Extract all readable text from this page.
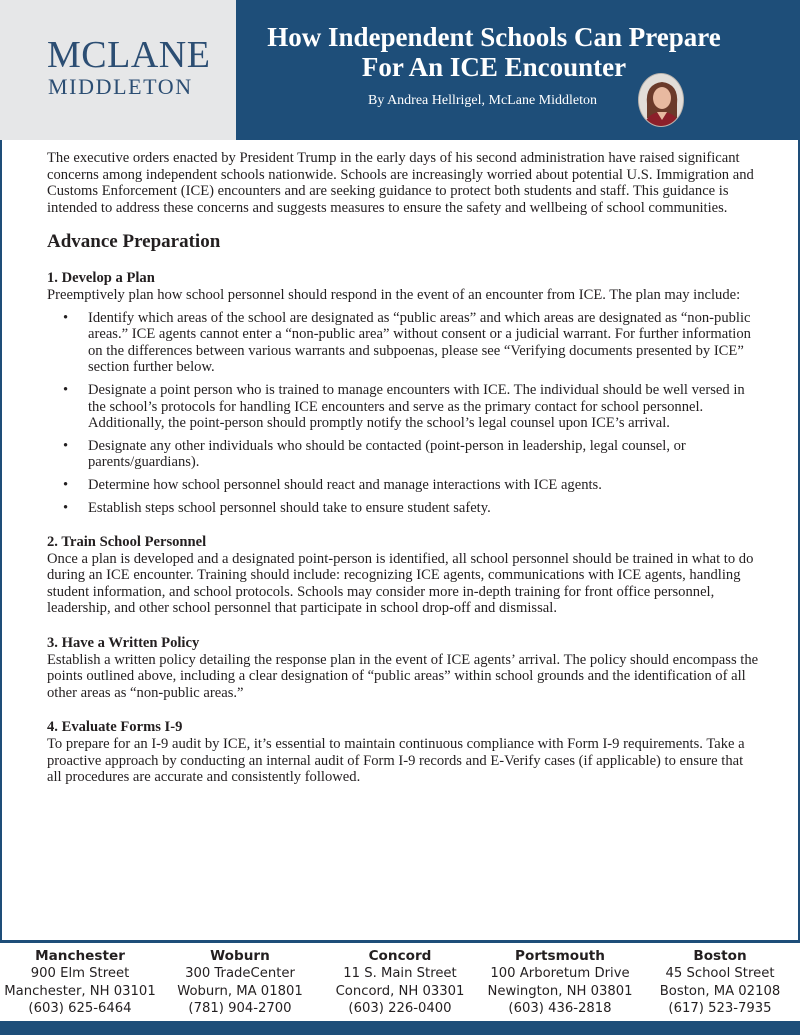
MCLANE
MIDDLETON
How Independent Schools Can Prepare
For An ICE Encounter
By Andrea Hellrigel, McLane Middleton

The executive orders enacted by President Trump in the early days of his second administration have raised significant concerns among independent schools nationwide. Schools are increasingly worried about potential U.S. Immigration and Customs Enforcement (ICE) encounters and are seeking guidance to protect both students and staff. This guidance is intended to address these concerns and suggests measures to ensure the safety and wellbeing of school communities.

Advance Preparation
1. Develop a Plan

Preemptively plan how school personnel should respond in the event of an encounter from ICE. The plan may include:

• Identify which areas of the school are designated as “public areas” and which areas are designated as “non-public areas.” ICE agents cannot enter a “non-public area” without consent or a judicial warrant. For further information on the differences between various warrants and subpoenas, please see “Verifying documents presented by ICE” section further below.
• Designate a point person who is trained to manage encounters with ICE. The individual should be well versed in the school’s protocols for handling ICE encounters and serve as the primary contact for school personnel. Additionally, the point-person should promptly notify the school’s legal counsel upon ICE’s arrival.
• Designate any other individuals who should be contacted (point-person in leadership, legal counsel, or parents/guardians).
• Determine how school personnel should react and manage interactions with ICE agents.
• Establish steps school personnel should take to ensure student safety.
2. Train School Personnel

Once a plan is developed and a designated point-person is identified, all school personnel should be trained in what to do during an ICE encounter. Training should include: recognizing ICE agents, communications with ICE agents, handling student information, and school protocols. Schools may consider more in-depth training for front office personnel, leadership, and other school personnel that participate in school drop-off and dismissal.

3. Have a Written Policy

Establish a written policy detailing the response plan in the event of ICE agents’ arrival. The policy should encompass the points outlined above, including a clear designation of “public areas” within school grounds and the identification of all other areas as “non-public areas.”

4. Evaluate Forms I-9

To prepare for an I-9 audit by ICE, it’s essential to maintain continuous compliance with Form I-9 requirements. Take a proactive approach by conducting an internal audit of Form I-9 records and E-Verify cases (if applicable) to ensure that all procedures are accurate and consistently followed.

Manchester
900 Elm Street
Manchester, NH 03101
(603) 625-6464
Woburn
300 TradeCenter
Woburn, MA 01801
(781) 904-2700
Concord
11 S. Main Street
Concord, NH 03301
(603) 226-0400
Portsmouth
100 Arboretum Drive
Newington, NH 03801
(603) 436-2818
Boston
45 School Street
Boston, MA 02108
(617) 523-7935
